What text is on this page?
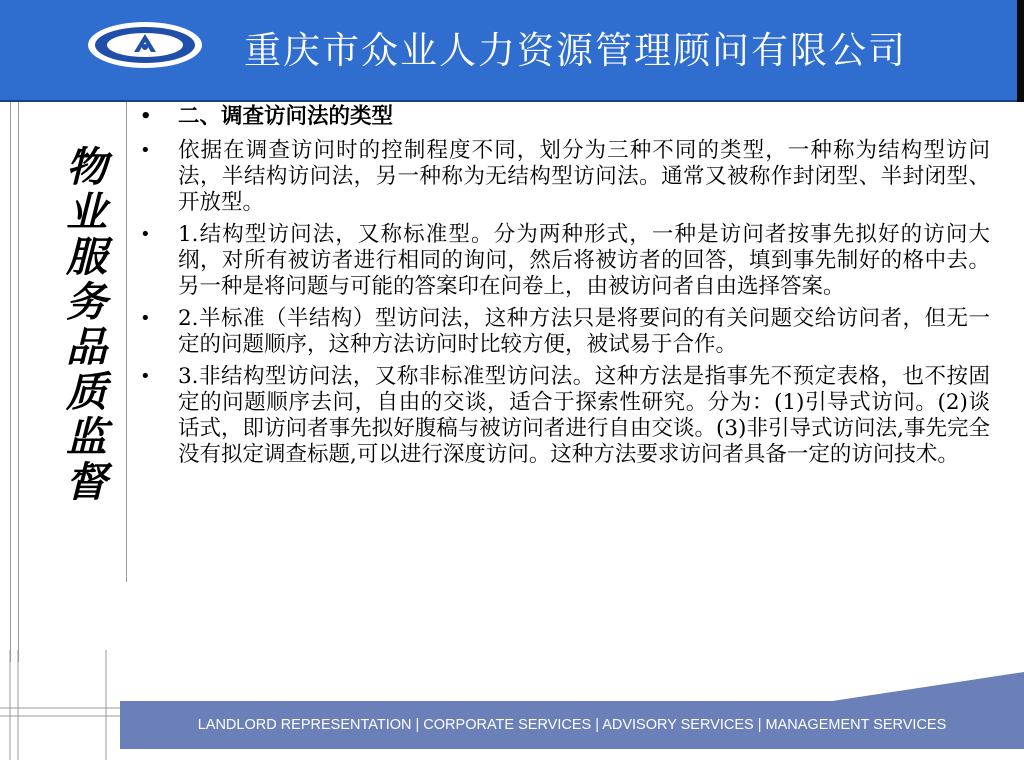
重庆市众业人力资源管理顾问有限公司
物业服务品质监督
•	二、调查访问法的类型
•	依据在调查访问时的控制程度不同，划分为三种不同的类型，一种称为结构型访问法，半结构访问法，另一种称为无结构型访问法。通常又被称作封闭型、半封闭型、开放型。
•	1.结构型访问法，又称标准型。分为两种形式，一种是访问者按事先拟好的访问大纲，对所有被访者进行相同的询问，然后将被访者的回答，填到事先制好的格中去。另一种是将问题与可能的答案印在问卷上，由被访问者自由选择答案。
•	2.半标准（半结构）型访问法，这种方法只是将要问的有关问题交给访问者，但无一定的问题顺序，这种方法访问时比较方便，被试易于合作。
•	3.非结构型访问法，又称非标准型访问法。这种方法是指事先不预定表格，也不按固定的问题顺序去问，自由的交谈，适合于探索性研究。分为：(1)引导式访问。(2)谈话式，即访问者事先拟好腹稿与被访问者进行自由交谈。(3)非引导式访问法,事先完全没有拟定调查标题,可以进行深度访问。这种方法要求访问者具备一定的访问技术。
LANDLORD REPRESENTATION | CORPORATE SERVICES | ADVISORY SERVICES | MANAGEMENT SERVICES
